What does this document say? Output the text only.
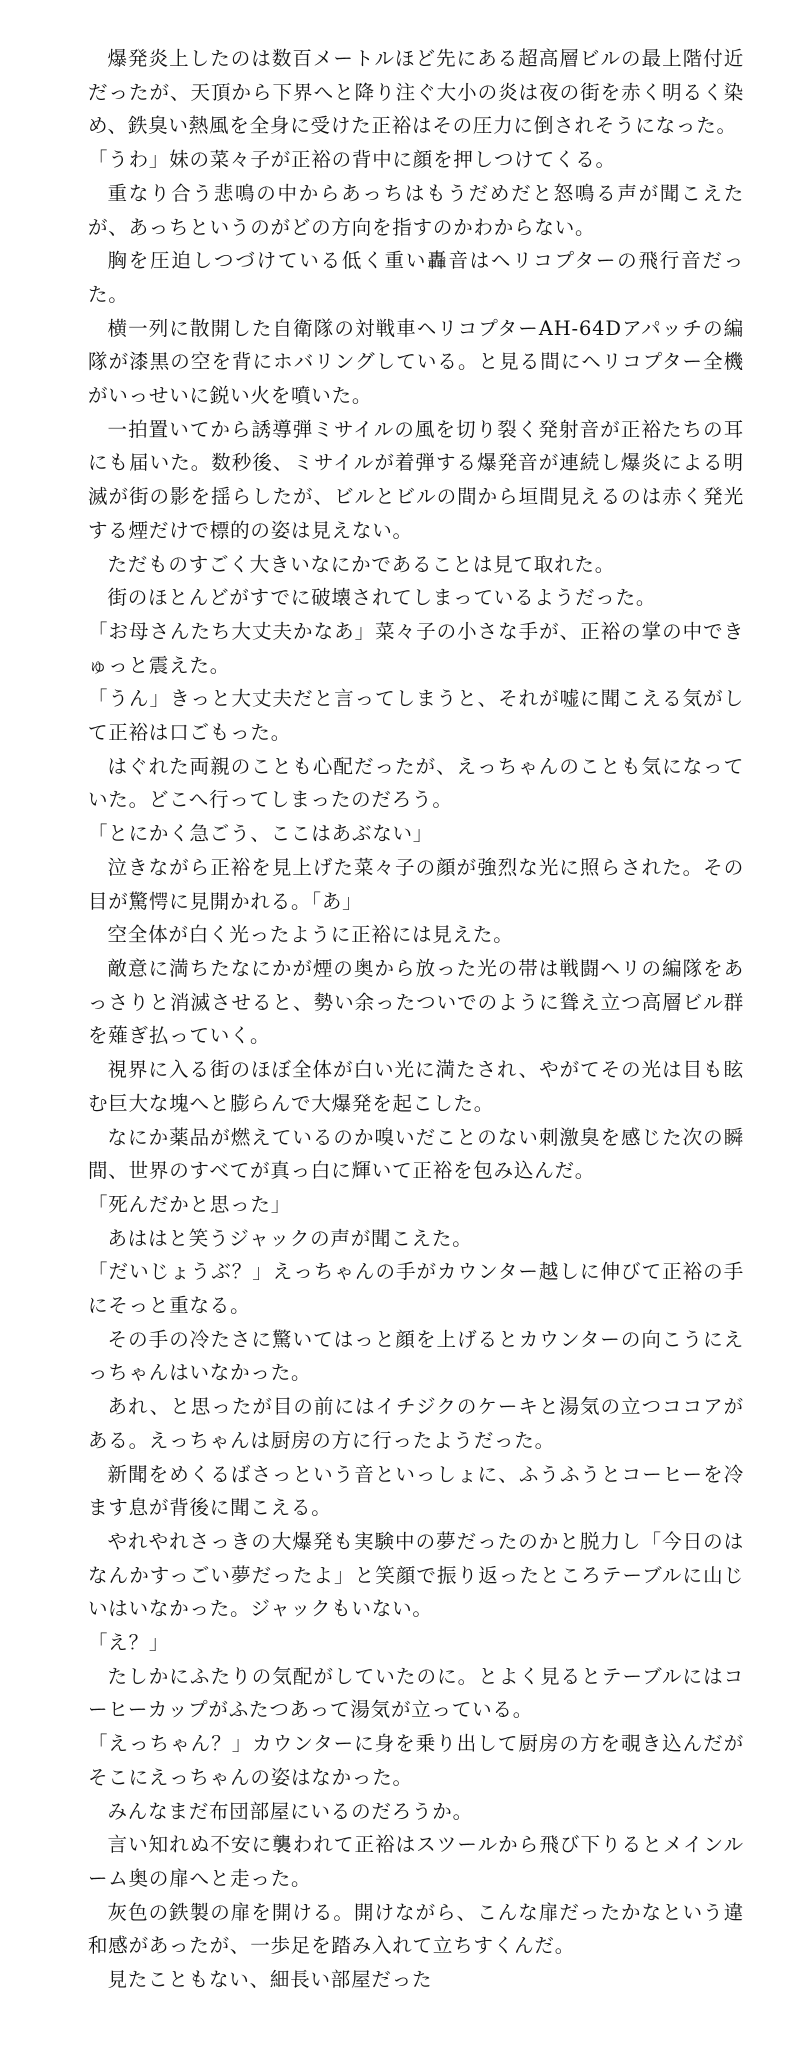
爆発炎上したのは数百メートルほど先にある超高層ビルの最上階付近だったが、天頂から下界へと降り注ぐ大小の炎は夜の街を赤く明るく染め、鉄臭い熱風を全身に受けた正裕はその圧力に倒されそうになった。

「うわ」妹の菜々子が正裕の背中に顔を押しつけてくる。

重なり合う悲鳴の中からあっちはもうだめだと怒鳴る声が聞こえたが、あっちというのがどの方向を指すのかわからない。

胸を圧迫しつづけている低く重い轟音はヘリコプターの飛行音だった。

横一列に散開した自衛隊の対戦車ヘリコプターAH-64Dアパッチの編隊が漆黒の空を背にホバリングしている。と見る間にヘリコプター全機がいっせいに鋭い火を噴いた。

一拍置いてから誘導弾ミサイルの風を切り裂く発射音が正裕たちの耳にも届いた。数秒後、ミサイルが着弾する爆発音が連続し爆炎による明滅が街の影を揺らしたが、ビルとビルの間から垣間見えるのは赤く発光する煙だけで標的の姿は見えない。

ただものすごく大きいなにかであることは見て取れた。

街のほとんどがすでに破壊されてしまっているようだった。

「お母さんたち大丈夫かなあ」菜々子の小さな手が、正裕の掌の中できゅっと震えた。

「うん」きっと大丈夫だと言ってしまうと、それが嘘に聞こえる気がして正裕は口ごもった。

はぐれた両親のことも心配だったが、えっちゃんのことも気になっていた。どこへ行ってしまったのだろう。

「とにかく急ごう、ここはあぶない」

泣きながら正裕を見上げた菜々子の顔が強烈な光に照らされた。その目が驚愕に見開かれる。「あ」

空全体が白く光ったように正裕には見えた。

敵意に満ちたなにかが煙の奥から放った光の帯は戦闘ヘリの編隊をあっさりと消滅させると、勢い余ったついでのように聳え立つ高層ビル群を薙ぎ払っていく。

視界に入る街のほぼ全体が白い光に満たされ、やがてその光は目も眩む巨大な塊へと膨らんで大爆発を起こした。

なにか薬品が燃えているのか嗅いだことのない刺激臭を感じた次の瞬間、世界のすべてが真っ白に輝いて正裕を包み込んだ。

「死んだかと思った」

あははと笑うジャックの声が聞こえた。

「だいじょうぶ？」えっちゃんの手がカウンター越しに伸びて正裕の手にそっと重なる。

その手の冷たさに驚いてはっと顔を上げるとカウンターの向こうにえっちゃんはいなかった。

あれ、と思ったが目の前にはイチジクのケーキと湯気の立つココアがある。えっちゃんは厨房の方に行ったようだった。

新聞をめくるばさっという音といっしょに、ふうふうとコーヒーを冷ます息が背後に聞こえる。

やれやれさっきの大爆発も実験中の夢だったのかと脱力し「今日のはなんかすっごい夢だったよ」と笑顔で振り返ったところテーブルに山じいはいなかった。ジャックもいない。

「え？」

たしかにふたりの気配がしていたのに。とよく見るとテーブルにはコーヒーカップがふたつあって湯気が立っている。

「えっちゃん？」カウンターに身を乗り出して厨房の方を覗き込んだがそこにえっちゃんの姿はなかった。

みんなまだ布団部屋にいるのだろうか。

言い知れぬ不安に襲われて正裕はスツールから飛び下りるとメインルーム奥の扉へと走った。

灰色の鉄製の扉を開ける。開けながら、こんな扉だったかなという違和感があったが、一歩足を踏み入れて立ちすくんだ。

見たこともない、細長い部屋だった
